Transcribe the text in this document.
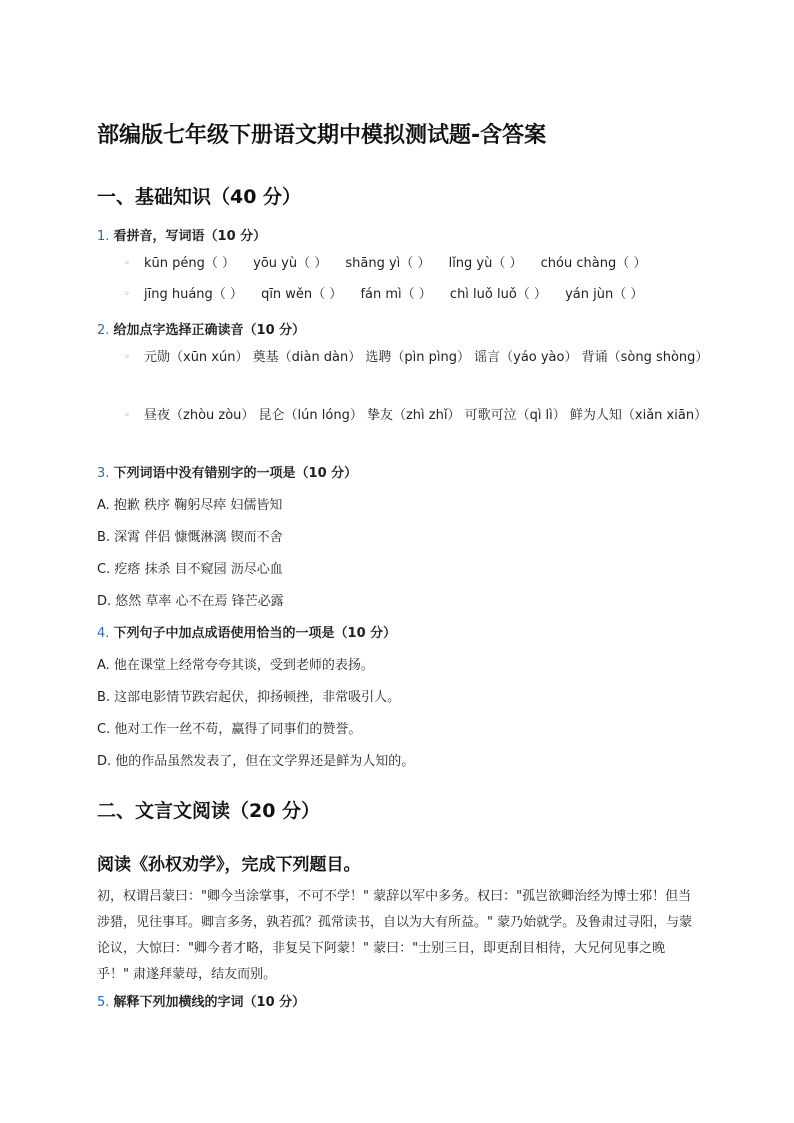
部编版七年级下册语文期中模拟测试题-含答案
一、基础知识（40 分）
1. 看拼音，写词语（10 分）
◦	kūn péng（ ） yōu yù（ ） shāng yì（ ） lǐng yù（ ） chóu chàng（ ）
◦	jīng huáng（ ） qīn wěn（ ） fán mì（ ） chì luǒ luǒ（ ） yán jùn（ ）
2. 给加点字选择正确读音（10 分）
◦	元勋（xūn xún） 奠基（diàn dàn） 选聘（pìn pìng） 谣言（yáo yào） 背诵（sòng shòng）
◦	昼夜（zhòu zòu） 昆仑（lún lóng） 挚友（zhì zhǐ） 可歌可泣（qì lì） 鲜为人知（xiǎn xiān）
3. 下列词语中没有错别字的一项是（10 分）
A. 抱歉 秩序 鞠躬尽瘁 妇儒皆知
B. 深霄 伴侣 慷慨淋漓 锲而不舍
C. 疙瘩 抹杀 目不窥园 沥尽心血
D. 悠然 草率 心不在焉 锋芒必露
4. 下列句子中加点成语使用恰当的一项是（10 分）
A. 他在课堂上经常夸夸其谈，受到老师的表扬。
B. 这部电影情节跌宕起伏，抑扬顿挫，非常吸引人。
C. 他对工作一丝不苟，赢得了同事们的赞誉。
D. 他的作品虽然发表了，但在文学界还是鲜为人知的。
二、文言文阅读（20 分）
阅读《孙权劝学》，完成下列题目。
初，权谓吕蒙曰："卿今当涂掌事，不可不学！" 蒙辞以军中多务。权曰："孤岂欲卿治经为博士邪！但当涉猎，见往事耳。卿言多务，孰若孤？孤常读书，自以为大有所益。" 蒙乃始就学。及鲁肃过寻阳，与蒙论议，大惊曰："卿今者才略，非复吴下阿蒙！" 蒙曰："士别三日，即更刮目相待，大兄何见事之晚乎！" 肃遂拜蒙母，结友而别。
5. 解释下列加横线的字词（10 分）
